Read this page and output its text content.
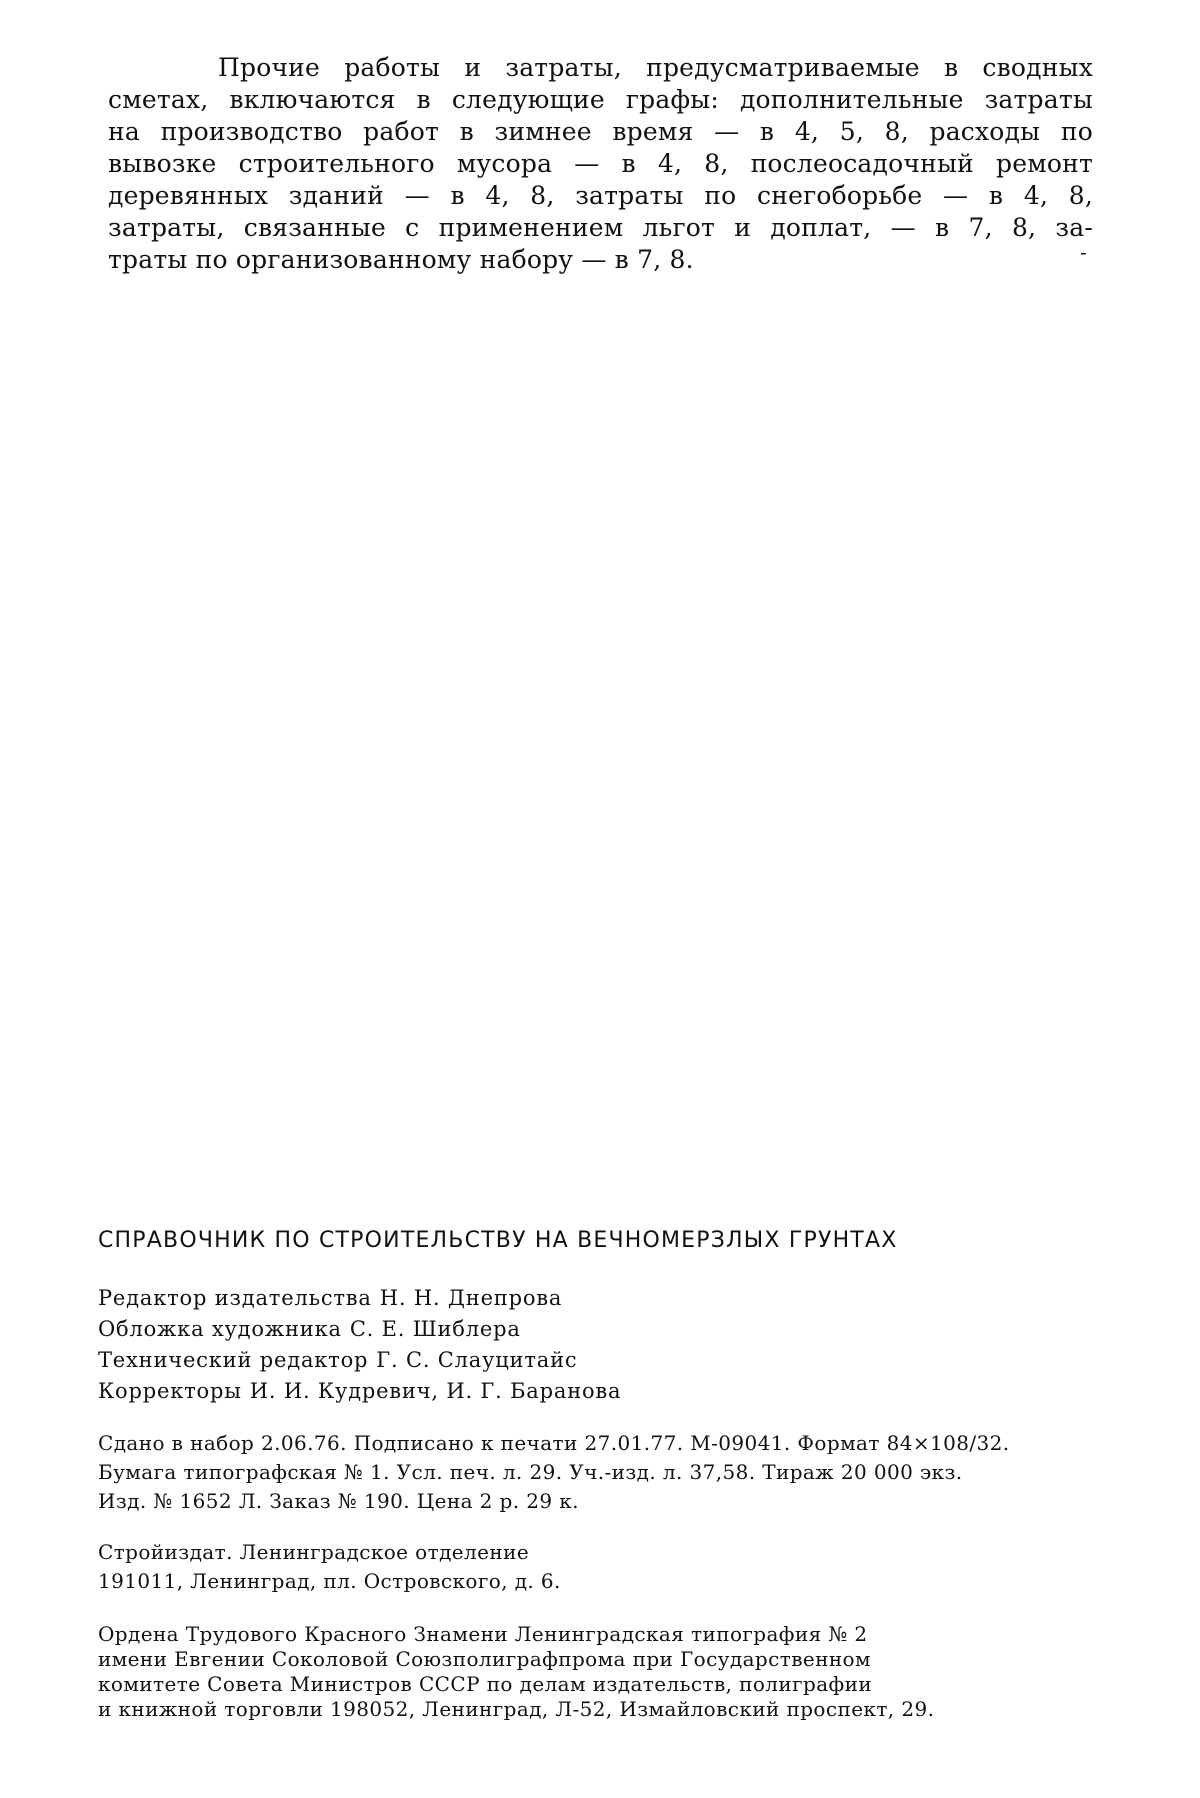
Прочие работы и затраты, предусматриваемые в сводных
сметах, включаются в следующие графы: дополнительные затраты
на производство работ в зимнее время — в 4, 5, 8, расходы по
вывозке строительного мусора — в 4, 8, послеосадочный ремонт
деревянных зданий — в 4, 8, затраты по снегоборьбе — в 4, 8,
затраты, связанные с применением льгот и доплат, — в 7, 8, за-
траты по организованному набору — в 7, 8.	-
СПРАВОЧНИК ПО СТРОИТЕЛЬСТВУ НА ВЕЧНОМЕРЗЛЫХ ГРУНТАХ
Редактор издательства Н. Н. Днепрова
Обложка художника С. Е. Шиблера
Технический редактор Г. С. Слауцитайс
Корректоры И. И. Кудревич, И. Г. Баранова
Сдано в набор 2.06.76. Подписано к печати 27.01.77. М-09041. Формат 84×108/32.
Бумага типографская № 1. Усл. печ. л. 29. Уч.-изд. л. 37,58. Тираж 20 000 экз.
Изд. № 1652 Л. Заказ № 190. Цена 2 р. 29 к.
Стройиздат. Ленинградское отделение
191011, Ленинград, пл. Островского, д. 6.
Ордена Трудового Красного Знамени Ленинградская типография № 2
имени Евгении Соколовой Союзполиграфпрома при Государственном
комитете Совета Министров СССР по делам издательств, полиграфии
и книжной торговли 198052, Ленинград, Л-52, Измайловский проспект, 29.
